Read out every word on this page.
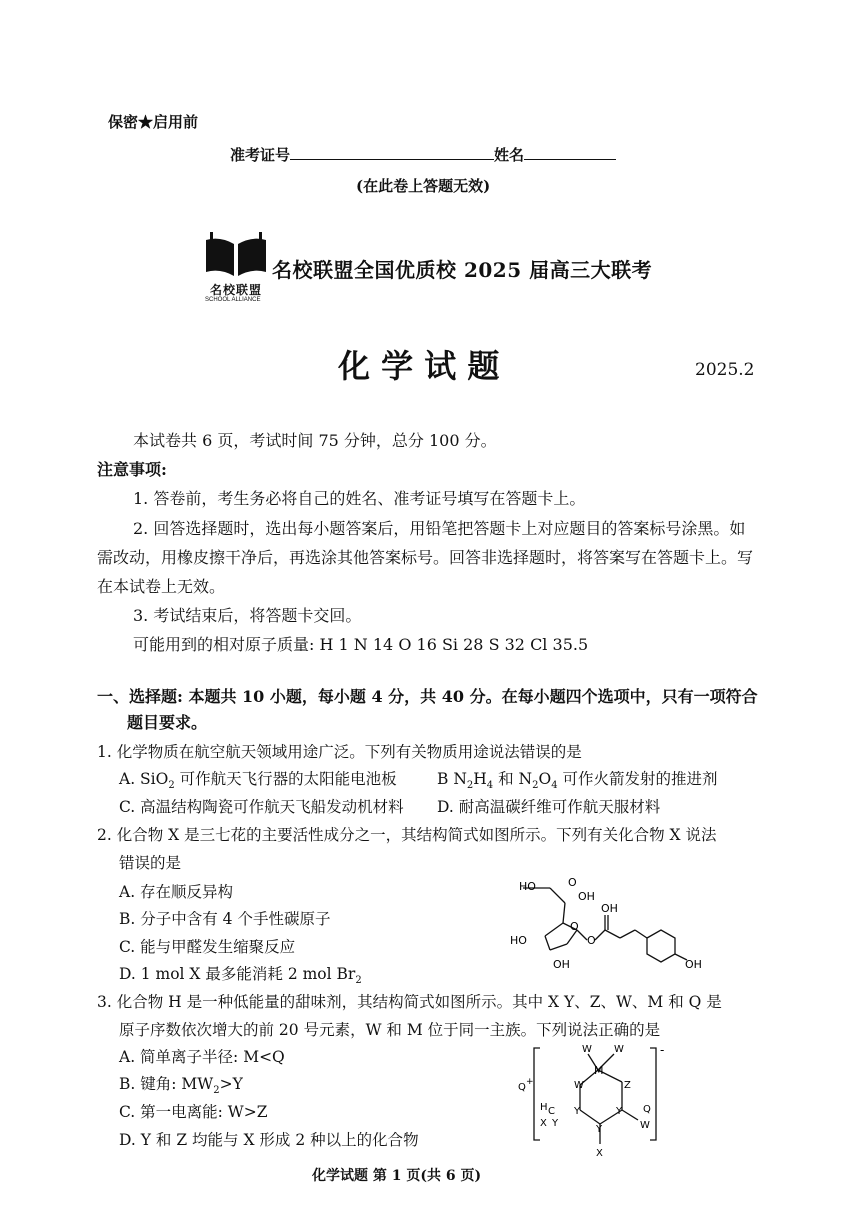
保密★启用前
准考证号	姓名
(在此卷上答题无效)
名校联盟
SCHOOL ALLIANCE
名校联盟全国优质校 2025 届高三大联考
化 学 试 题	2025.2
本试卷共 6 页，考试时间 75 分钟，总分 100 分。
注意事项:
1. 答卷前，考生务必将自己的姓名、准考证号填写在答题卡上。
2. 回答选择题时，选出每小题答案后，用铅笔把答题卡上对应题目的答案标号涂黑。如
需改动，用橡皮擦干净后，再选涂其他答案标号。回答非选择题时，将答案写在答题卡上。写
在本试卷上无效。
3. 考试结束后，将答题卡交回。
可能用到的相对原子质量: H 1 N 14 O 16 Si 28 S 32 Cl 35.5
一、选择题: 本题共 10 小题，每小题 4 分，共 40 分。在每小题四个选项中，只有一项符合
题目要求。
1. 化学物质在航空航天领域用途广泛。下列有关物质用途说法错误的是
A. SiO$_2$ 可作航天飞行器的太阳能电池板	B $N_2H_4$ 和 $N_2O_4$ 可作火箭发射的推进剂
C. 高温结构陶瓷可作航天飞船发动机材料 D. 耐高温碳纤维可作航天服材料
2. 化合物 X 是三七花的主要活性成分之一，其结构简式如图所示。下列有关化合物 X 说法
错误的是
A. 存在顺反异构
B. 分子中含有 4 个手性碳原子
C. 能与甲醛发生缩聚反应
D. 1 mol X 最多能消耗 2 mol $Br_2$
HO	O
OH
HO
OH
O
O
OH
OH
3. 化合物 H 是一种低能量的甜味剂，其结构简式如图所示。其中 X Y、Z、W、M 和 Q 是
原子序数依次增大的前 20 号元素，W 和 M 位于同一主族。下列说法正确的是
A. 简单离子半径: M<Q
B. 键角: $MW_2>Y$
C. 第一电离能: W>Z
D. Y 和 Z 均能与 X 形成 2 种以上的化合物
W W
M
W	Z
Q
Y	Y
Y
X
W
H C
X Y
Q
-
+
化学试题 第 1 页(共 6 页)
